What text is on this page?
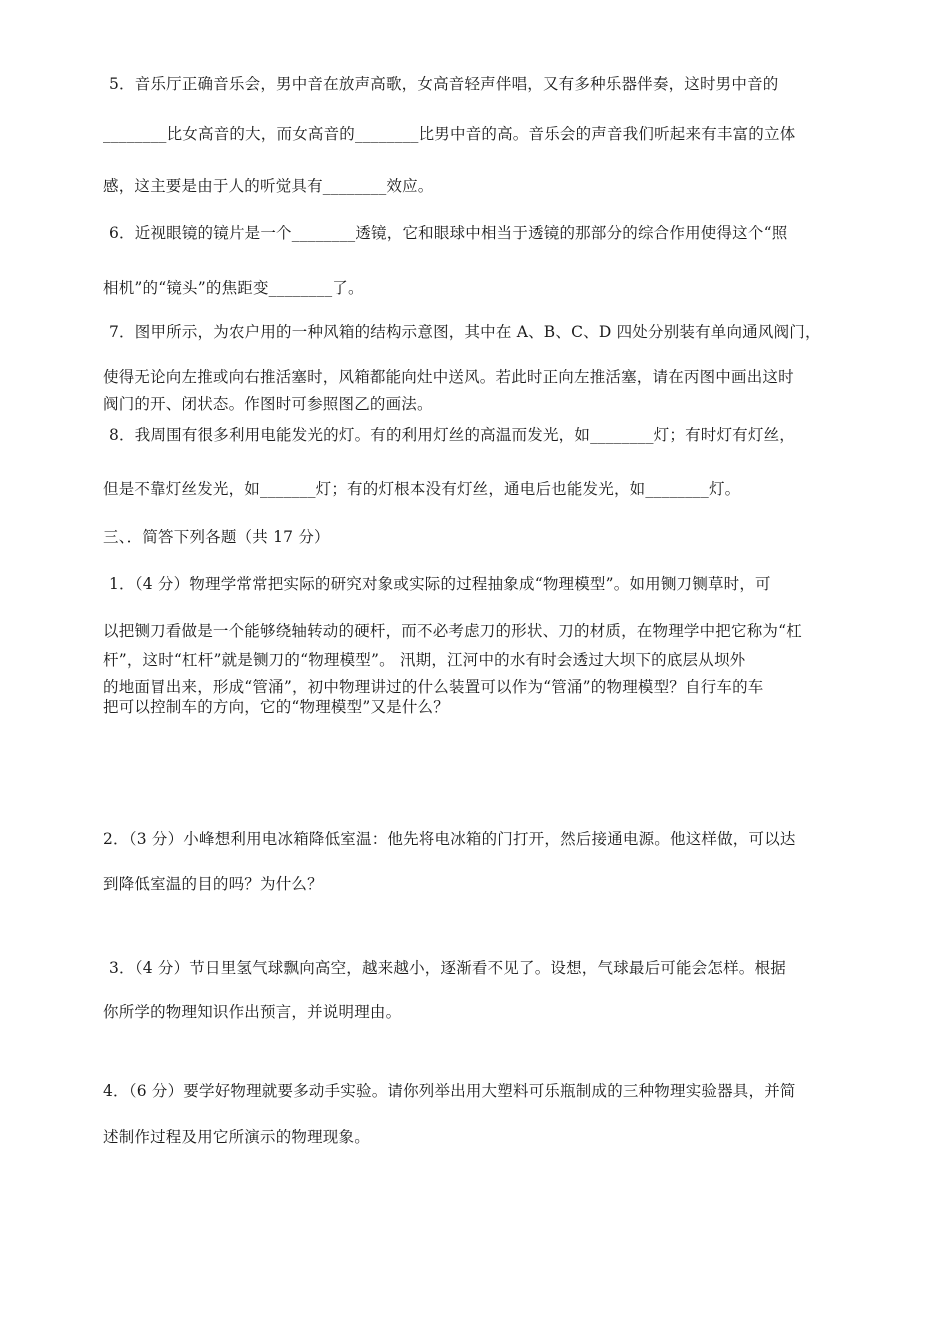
5．音乐厅正确音乐会，男中音在放声高歌，女高音轻声伴唱，又有多种乐器伴奏，这时男中音的

________比女高音的大，而女高音的________比男中音的高。音乐会的声音我们听起来有丰富的立体

感，这主要是由于人的听觉具有________效应。

6．近视眼镜的镜片是一个________透镜，它和眼球中相当于透镜的那部分的综合作用使得这个“照

相机”的“镜头”的焦距变________了。

7．图甲所示，为农户用的一种风箱的结构示意图，其中在 A、B、C、D 四处分别装有单向通风阀门，

使得无论向左推或向右推活塞时，风箱都能向灶中送风。若此时正向左推活塞，请在丙图中画出这时

阀门的开、闭状态。作图时可参照图乙的画法。

8．我周围有很多利用电能发光的灯。有的利用灯丝的高温而发光，如________灯；有时灯有灯丝，

但是不靠灯丝发光，如_______灯；有的灯根本没有灯丝，通电后也能发光，如________灯。

三、．简答下列各题（共 17 分）

1．（4 分）物理学常常把实际的研究对象或实际的过程抽象成“物理模型”。如用铡刀铡草时，可

以把铡刀看做是一个能够绕轴转动的硬杆，而不必考虑刀的形状、刀的材质，在物理学中把它称为“杠

杆”，这时“杠杆”就是铡刀的“物理模型”。 汛期，江河中的水有时会透过大坝下的底层从坝外

的地面冒出来，形成“管涌”，初中物理讲过的什么装置可以作为“管涌”的物理模型？自行车的车

把可以控制车的方向，它的“物理模型”又是什么？

2．（3 分）小峰想利用电冰箱降低室温：他先将电冰箱的门打开，然后接通电源。他这样做，可以达

到降低室温的目的吗？为什么？

3．（4 分）节日里氢气球飘向高空，越来越小，逐渐看不见了。设想，气球最后可能会怎样。根据

你所学的物理知识作出预言，并说明理由。

4．（6 分）要学好物理就要多动手实验。请你列举出用大塑料可乐瓶制成的三种物理实验器具，并简

述制作过程及用它所演示的物理现象。
